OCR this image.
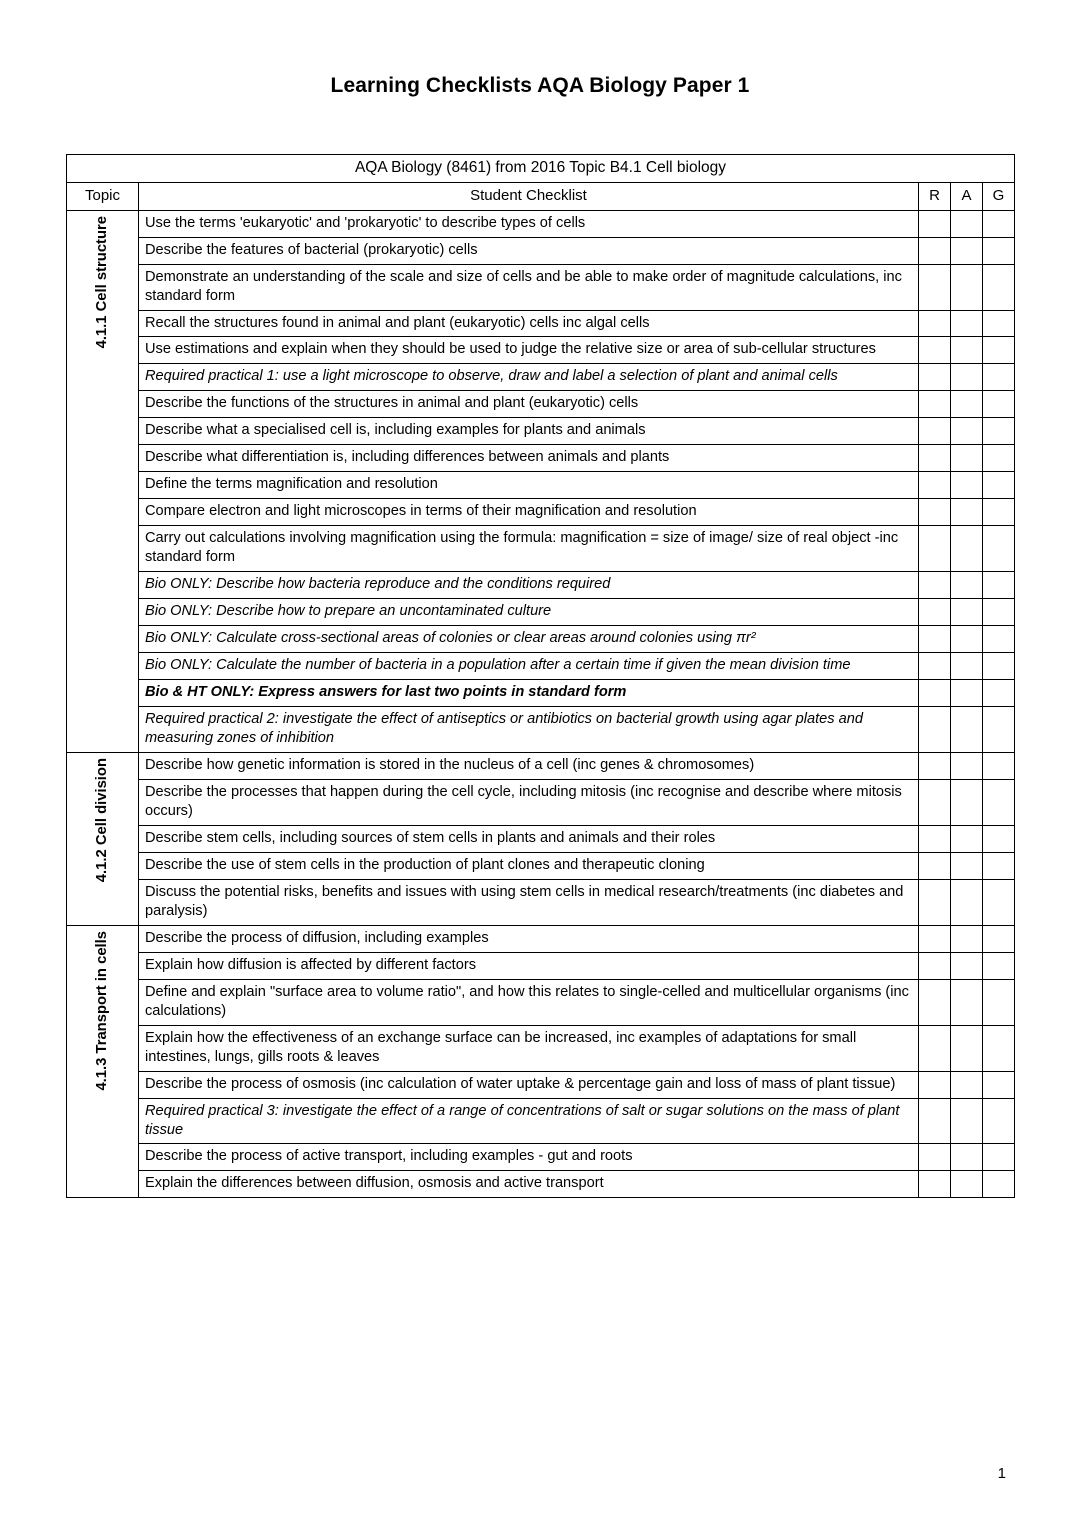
Learning Checklists AQA Biology Paper 1
AQA Biology (8461) from 2016 Topic B4.1 Cell biology				
Topic	Student Checklist	R	A	G
4.1.1 Cell structure	Use the terms 'eukaryotic' and 'prokaryotic' to describe types of cells			

	Describe the features of bacterial (prokaryotic) cells			

	Demonstrate an understanding of the scale and size of cells and be able to make order of magnitude calculations, inc standard form			

	Recall the structures found in animal and plant (eukaryotic) cells inc algal cells			

	Use estimations and explain when they should be used to judge the relative size or area of sub-cellular structures			

	Required practical 1: use a light microscope to observe, draw and label a selection of plant and animal cells			

	Describe the functions of the structures in animal and plant (eukaryotic) cells			

	Describe what a specialised cell is, including examples for plants and animals			

	Describe what differentiation is, including differences between animals and plants			

	Define the terms magnification and resolution			

	Compare electron and light microscopes in terms of their magnification and resolution			

	Carry out calculations involving magnification using the formula: magnification = size of image/ size of real object -inc standard form			

	Bio ONLY: Describe how bacteria reproduce and the conditions required			

	Bio ONLY: Describe how to prepare an uncontaminated culture			

	Bio ONLY: Calculate cross-sectional areas of colonies or clear areas around colonies using πr²			

	Bio ONLY: Calculate the number of bacteria in a population after a certain time if given the mean division time			

	Bio & HT ONLY: Express answers for last two points in standard form			

	Required practical 2: investigate the effect of antiseptics or antibiotics on bacterial growth using agar plates and measuring zones of inhibition			

4.1.2 Cell division	Describe how genetic information is stored in the nucleus of a cell (inc genes & chromosomes)			

	Describe the processes that happen during the cell cycle, including mitosis (inc recognise and describe where mitosis occurs)			

	Describe stem cells, including sources of stem cells in plants and animals and their roles			

	Describe the use of stem cells in the production of plant clones and therapeutic cloning			

	Discuss the potential risks, benefits and issues with using stem cells in medical research/treatments (inc diabetes and paralysis)			

4.1.3 Transport in cells	Describe the process of diffusion, including examples			

	Explain how diffusion is affected by different factors			

	Define and explain "surface area to volume ratio", and how this relates to single-celled and multicellular organisms (inc calculations)			

	Explain how the effectiveness of an exchange surface can be increased, inc examples of adaptations for small intestines, lungs, gills roots & leaves			

	Describe the process of osmosis (inc calculation of water uptake & percentage gain and loss of mass of plant tissue)			

	Required practical 3: investigate the effect of a range of concentrations of salt or sugar solutions on the mass of plant tissue			

	Describe the process of active transport, including examples - gut and roots			

	Explain the differences between diffusion, osmosis and active transport			

1
